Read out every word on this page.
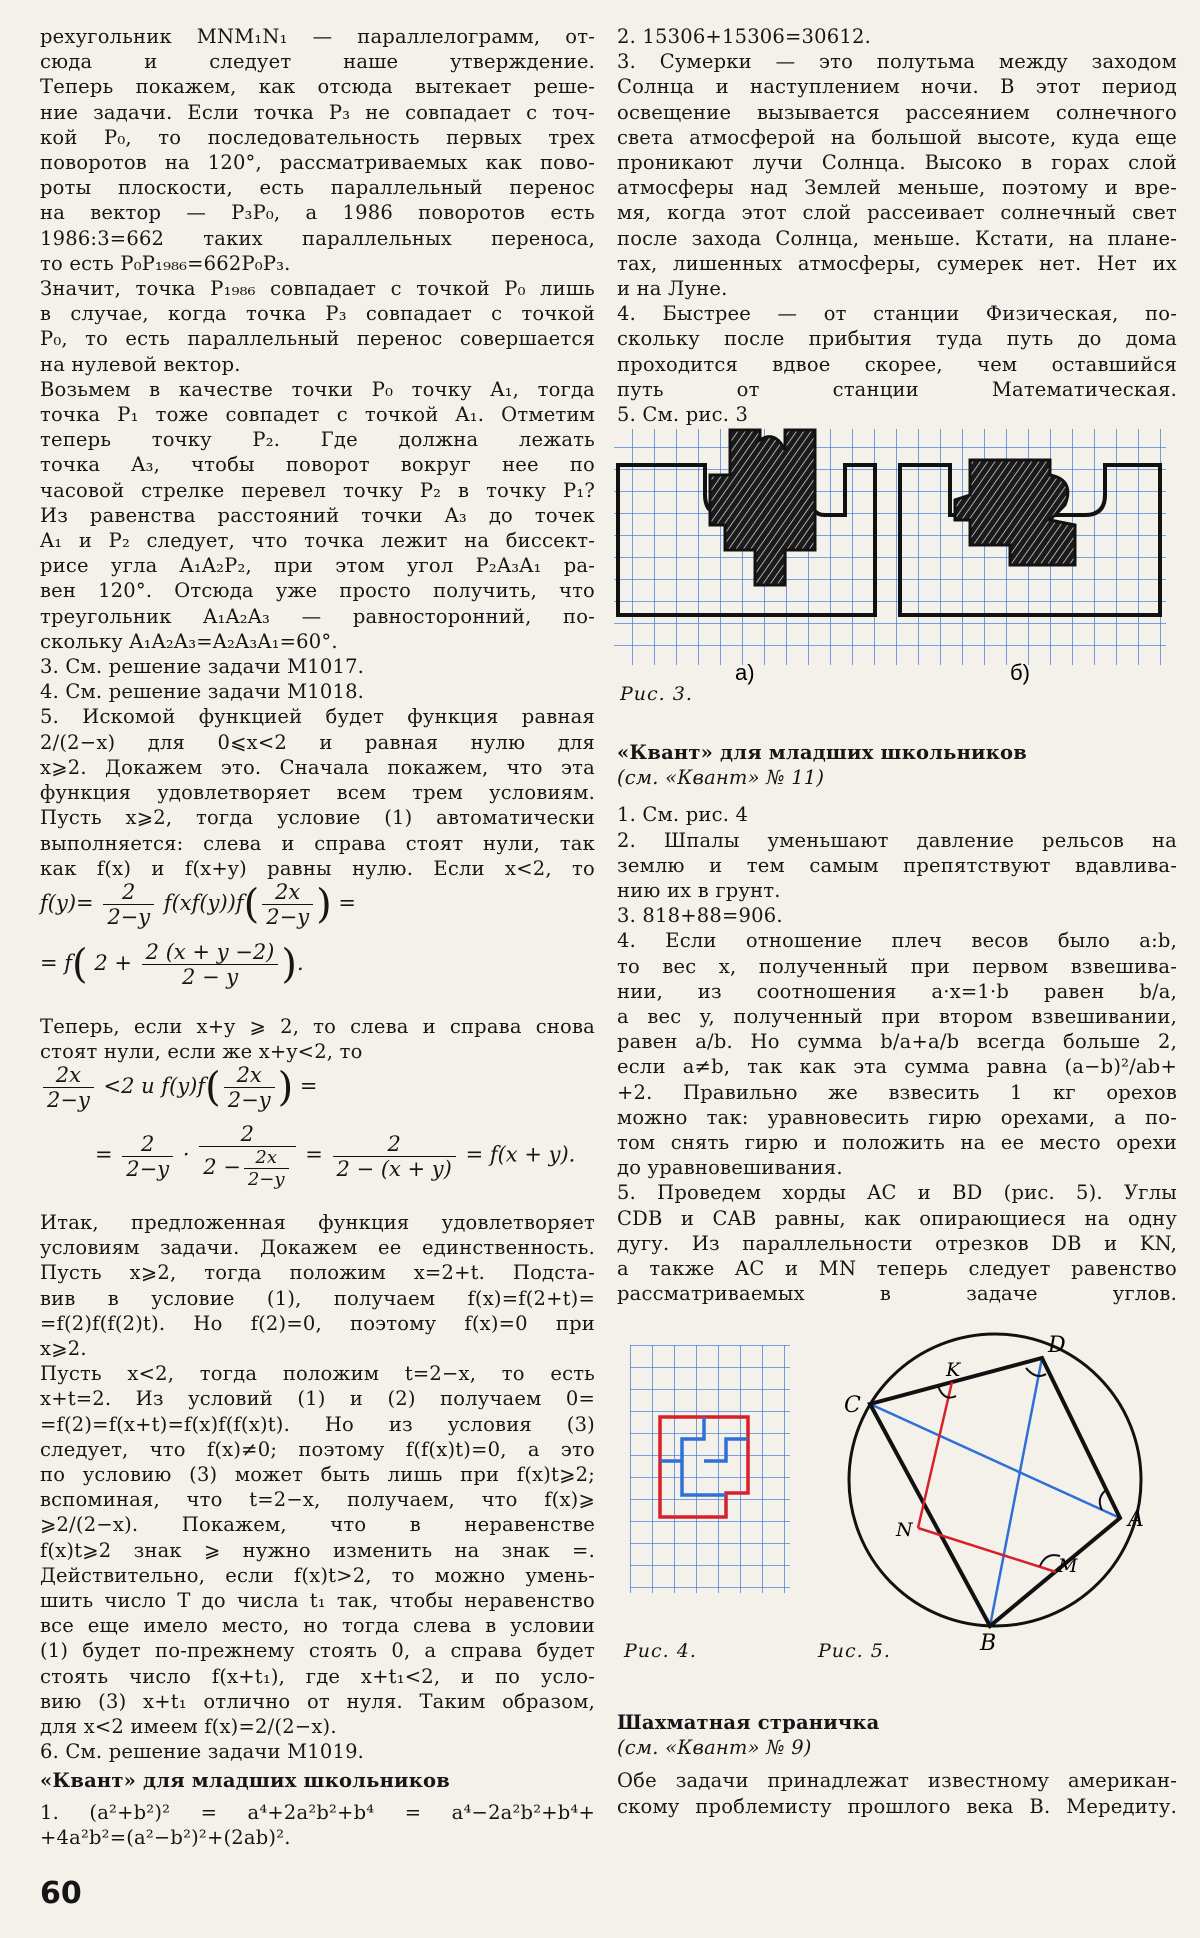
рехугольник MNM₁N₁ — параллелограмм, от-
сюда и следует наше утверждение.
Теперь покажем, как отсюда вытекает реше-
ние задачи. Если точка P₃ не совпадает с точ-
кой P₀, то последовательность первых трех
поворотов на 120°, рассматриваемых как пово-
роты плоскости, есть параллельный перенос
на вектор — P₃P₀, а 1986 поворотов есть
1986:3=662 таких параллельных переноса,
то есть P₀P₁₉₈₆=662P₀P₃.
Значит, точка P₁₉₈₆ совпадает с точкой P₀ лишь
в случае, когда точка P₃ совпадает с точкой
P₀, то есть параллельный перенос совершается
на нулевой вектор.
Возьмем в качестве точки P₀ точку A₁, тогда
точка P₁ тоже совпадет с точкой A₁. Отметим
теперь точку P₂. Где должна лежать
точка A₃, чтобы поворот вокруг нее по
часовой стрелке перевел точку P₂ в точку P₁?
Из равенства расстояний точки A₃ до точек
A₁ и P₂ следует, что точка лежит на биссект-
рисе угла A₁A₂P₂, при этом угол P₂A₃A₁ ра-
вен 120°. Отсюда уже просто получить, что
треугольник A₁A₂A₃ — равносторонний, по-
скольку A₁A₂A₃=A₂A₃A₁=60°.
3. См. решение задачи М1017.
4. См. решение задачи М1018.
5. Искомой функцией будет функция равная
2/(2−x) для 0⩽x<2 и равная нулю для
x⩾2. Докажем это. Сначала покажем, что эта
функция удовлетворяет всем трем условиям.
Пусть x⩾2, тогда условие (1) автоматически
выполняется: слева и справа стоят нули, так
как f(x) и f(x+y) равны нулю. Если x<2, то
$f(y)= \frac{2}{2-y} f(xf(y))f( \frac{2x}{2-y}$ ) =
= f( $2 + \frac{2 (x + y -2)}{2 - y}$ ).
Теперь, если x+y ⩾ 2, то слева и справа снова
стоят нули, если же x+y<2, то
$\frac{2x}{2-y} <2$ и $f(y)f( \frac{2x}{2-y}$ ) =
= $\frac{2}{2-y} \cdot \frac{2}{2 - \frac{2x}{2-y}} = \frac{2}{2 - (x + y)} = f(x + y)$.
Итак, предложенная функция удовлетворяет
условиям задачи. Докажем ее единственность.
Пусть x⩾2, тогда положим x=2+t. Подста-
вив в условие (1), получаем f(x)=f(2+t)=
=f(2)f(f(2)t). Но f(2)=0, поэтому f(x)=0 при
x⩾2.
Пусть x<2, тогда положим t=2−x, то есть
x+t=2. Из условий (1) и (2) получаем 0=
=f(2)=f(x+t)=f(x)f(f(x)t). Но из условия (3)
следует, что f(x)≠0; поэтому f(f(x)t)=0, а это
по условию (3) может быть лишь при f(x)t⩾2;
вспоминая, что t=2−x, получаем, что f(x)⩾
⩾2/(2−x). Покажем, что в неравенстве
f(x)t⩾2 знак ⩾ нужно изменить на знак =.
Действительно, если f(x)t>2, то можно умень-
шить число T до числа t₁ так, чтобы неравенство
все еще имело место, но тогда слева в условии
(1) будет по-прежнему стоять 0, а справа будет
стоять число f(x+t₁), где x+t₁<2, и по усло-
вию (3) x+t₁ отлично от нуля. Таким образом,
для x<2 имеем f(x)=2/(2−x).
6. См. решение задачи М1019.
«Квант» для младших школьников
1. (a²+b²)² = a⁴+2a²b²+b⁴ = a⁴−2a²b²+b⁴+
+4a²b²=(a²−b²)²+(2ab)².
60
2. 15306+15306=30612.
3. Сумерки — это полутьма между заходом
Солнца и наступлением ночи. В этот период
освещение вызывается рассеянием солнечного
света атмосферой на большой высоте, куда еще
проникают лучи Солнца. Высоко в горах слой
атмосферы над Землей меньше, поэтому и вре-
мя, когда этот слой рассеивает солнечный свет
после захода Солнца, меньше. Кстати, на плане-
тах, лишенных атмосферы, сумерек нет. Нет их
и на Луне.
4. Быстрее — от станции Физическая, по-
скольку после прибытия туда путь до дома
проходится вдвое скорее, чем оставшийся
путь от станции Математическая.
5. См. рис. 3
а)	б)
Рис. 3.
«Квант» для младших школьников
(см. «Квант» № 11)
1. См. рис. 4
2. Шпалы уменьшают давление рельсов на
землю и тем самым препятствуют вдавлива-
нию их в грунт.
3. 818+88=906.
4. Если отношение плеч весов было a:b,
то вес x, полученный при первом взвешива-
нии, из соотношения a·x=1·b равен b/a,
а вес y, полученный при втором взвешивании,
равен a/b. Но сумма b/a+a/b всегда больше 2,
если a≠b, так как эта сумма равна (a−b)²/ab+
+2. Правильно же взвесить 1 кг орехов
можно так: уравновесить гирю орехами, а по-
том снять гирю и положить на ее место орехи
до уравновешивания.
5. Проведем хорды AC и BD (рис. 5). Углы
CDB и CAB равны, как опирающиеся на одну
дугу. Из параллельности отрезков DB и KN,
а также AC и MN теперь следует равенство
рассматриваемых в задаче углов.
Рис. 4.
D
K
C
A
N
M
B
Рис. 5.
Шахматная страничка
(см. «Квант» № 9)
Обе задачи принадлежат известному американ-
скому проблемисту прошлого века В. Мередиту.
